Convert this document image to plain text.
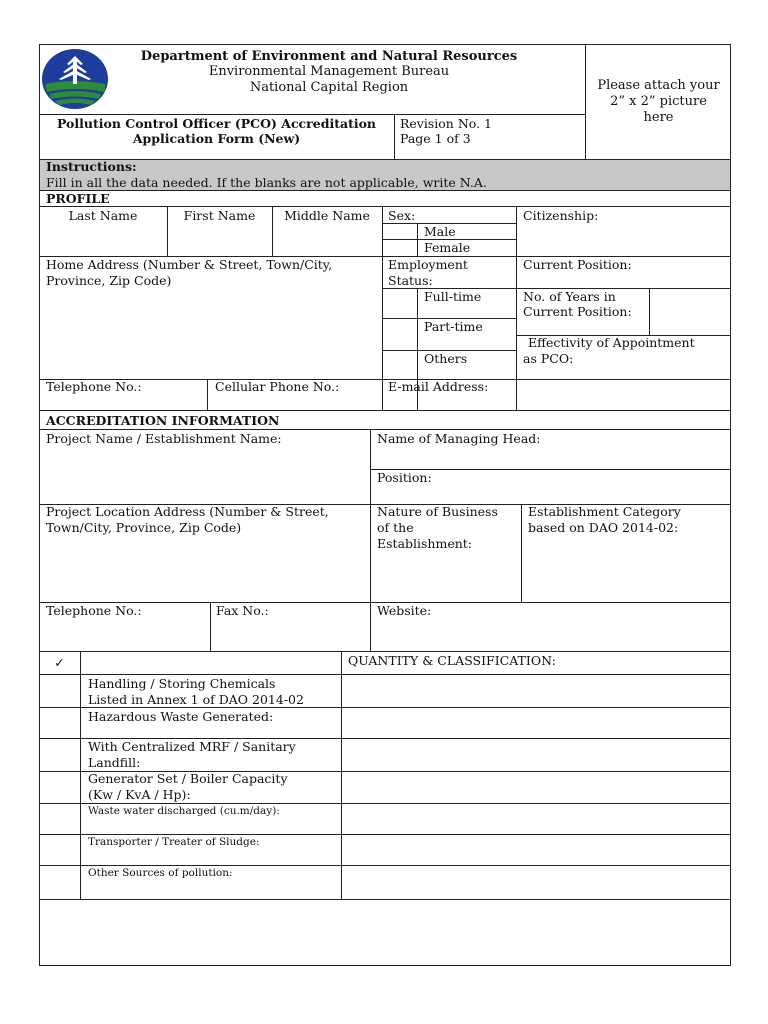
Department of Environment and Natural Resources
Environmental Management Bureau
National Capital Region	Please attach your
2” x 2” picture
here
Pollution Control Officer (PCO) Accreditation
Application Form (New)
Revision No. 1
Page 1 of 3
Instructions:
Fill in all the data needed. If the blanks are not applicable, write N.A.
PROFILE
Last Name	First Name	Middle Name	Sex:
Male
Female
Citizenship:
Home Address (Number & Street, Town/City,
Province, Zip Code)
Employment
Status:
Full-time
Part-time
Others
Current Position:
No. of Years in
Current Position:
Effectivity of Appointment
as PCO:
Telephone No.:	Cellular Phone No.:	E-mail Address:
ACCREDITATION INFORMATION
Project Name / Establishment Name:	Name of Managing Head:
Position:
Project Location Address (Number & Street,
Town/City, Province, Zip Code)
Nature of Business
of the
Establishment:
Establishment Category
based on DAO 2014-02:
Telephone No.:	Fax No.:	Website:
✓	QUANTITY & CLASSIFICATION:
Handling / Storing Chemicals
Listed in Annex 1 of DAO 2014-02
Hazardous Waste Generated:
With Centralized MRF / Sanitary
Landfill:
Generator Set / Boiler Capacity
(Kw / KvA / Hp):
Waste water discharged (cu.m/day):
Transporter / Treater of Sludge:
Other Sources of pollution:
